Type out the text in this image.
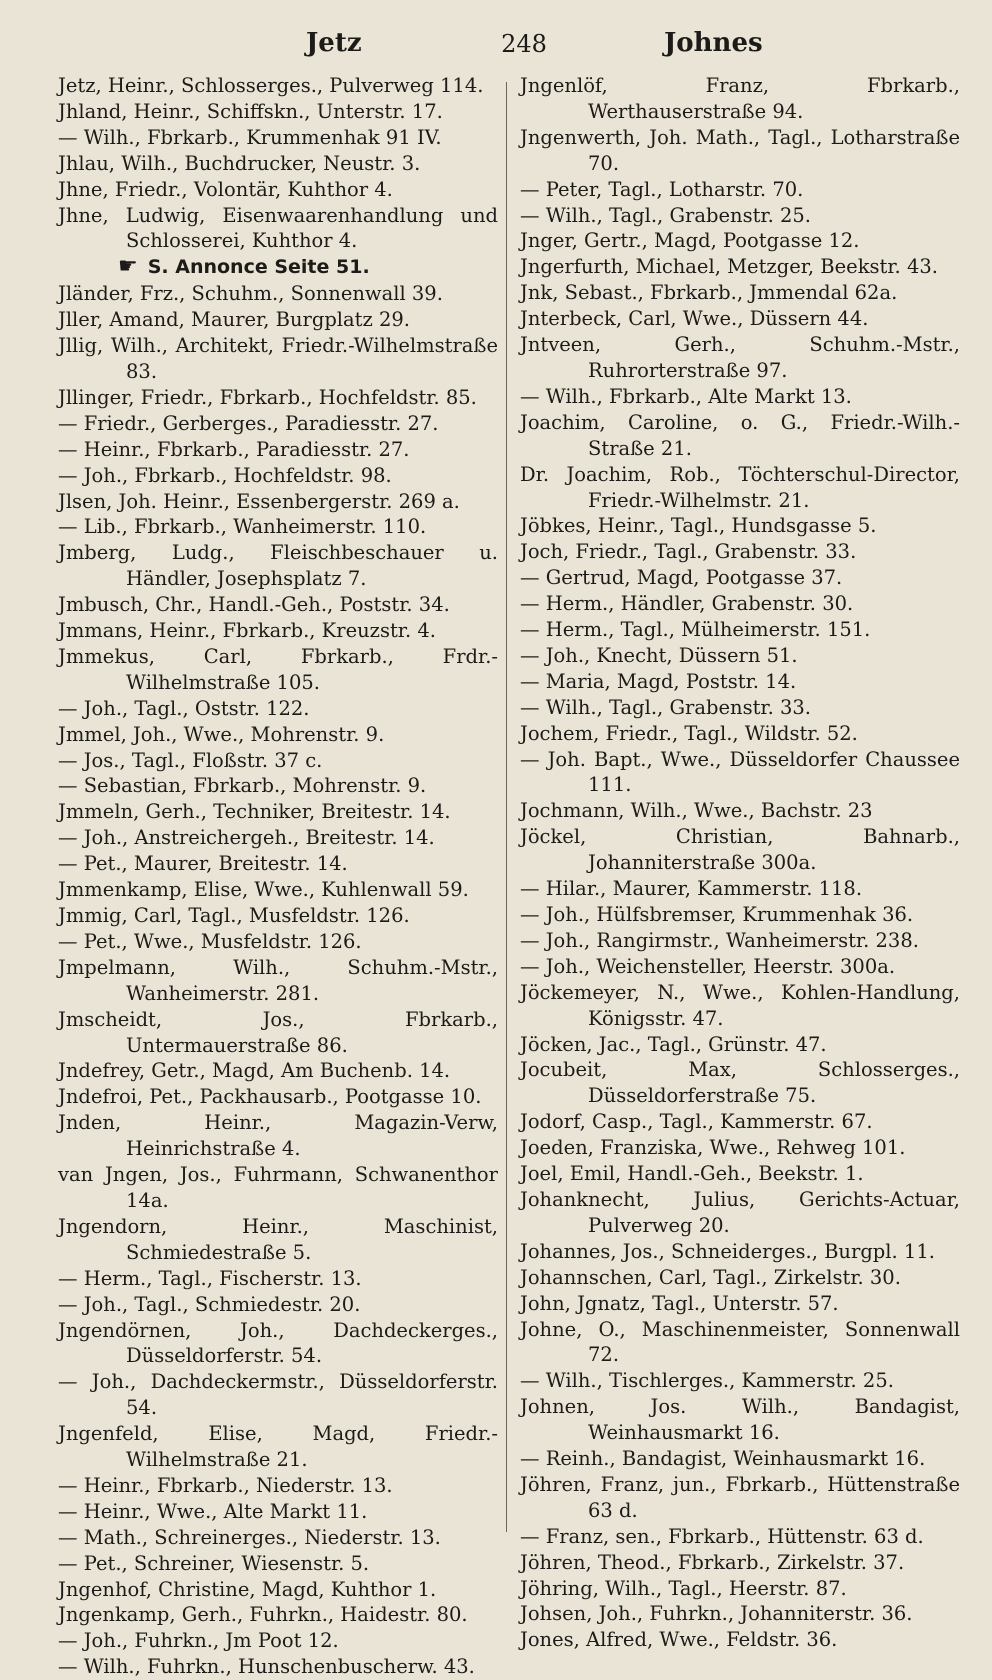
Jetz	248	Johnes
Jetz, Heinr., Schlosserges., Pulverweg 114.
Jhland, Heinr., Schiffskn., Unterstr. 17.
— Wilh., Fbrkarb., Krummenhak 91 IV.
Jhlau, Wilh., Buchdrucker, Neustr. 3.
Jhne, Friedr., Volontär, Kuhthor 4.
Jhne, Ludwig, Eisenwaarenhandlung und Schlosserei, Kuhthor 4.
☛ S. Annonce Seite 51.
Jländer, Frz., Schuhm., Sonnenwall 39.
Jller, Amand, Maurer, Burgplatz 29.
Jllig, Wilh., Architekt, Friedr.-Wilhelmstraße 83.
Jllinger, Friedr., Fbrkarb., Hochfeldstr. 85.
— Friedr., Gerberges., Paradiesstr. 27.
— Heinr., Fbrkarb., Paradiesstr. 27.
— Joh., Fbrkarb., Hochfeldstr. 98.
Jlsen, Joh. Heinr., Essenbergerstr. 269 a.
— Lib., Fbrkarb., Wanheimerstr. 110.
Jmberg, Ludg., Fleischbeschauer u. Händler, Josephsplatz 7.
Jmbusch, Chr., Handl.-Geh., Poststr. 34.
Jmmans, Heinr., Fbrkarb., Kreuzstr. 4.
Jmmekus, Carl, Fbrkarb., Frdr.-Wilhelmstraße 105.
— Joh., Tagl., Oststr. 122.
Jmmel, Joh., Wwe., Mohrenstr. 9.
— Jos., Tagl., Floßstr. 37 c.
— Sebastian, Fbrkarb., Mohrenstr. 9.
Jmmeln, Gerh., Techniker, Breitestr. 14.
— Joh., Anstreichergeh., Breitestr. 14.
— Pet., Maurer, Breitestr. 14.
Jmmenkamp, Elise, Wwe., Kuhlenwall 59.
Jmmig, Carl, Tagl., Musfeldstr. 126.
— Pet., Wwe., Musfeldstr. 126.
Jmpelmann, Wilh., Schuhm.-Mstr., Wanheimerstr. 281.
Jmscheidt, Jos., Fbrkarb., Untermauerstraße 86.
Jndefrey, Getr., Magd, Am Buchenb. 14.
Jndefroi, Pet., Packhausarb., Pootgasse 10.
Jnden, Heinr., Magazin-Verw, Heinrichstraße 4.
van Jngen, Jos., Fuhrmann, Schwanenthor 14a.
Jngendorn, Heinr., Maschinist, Schmiedestraße 5.
— Herm., Tagl., Fischerstr. 13.
— Joh., Tagl., Schmiedestr. 20.
Jngendörnen, Joh., Dachdeckerges., Düsseldorferstr. 54.
— Joh., Dachdeckermstr., Düsseldorferstr. 54.
Jngenfeld, Elise, Magd, Friedr.-Wilhelmstraße 21.
— Heinr., Fbrkarb., Niederstr. 13.
— Heinr., Wwe., Alte Markt 11.
— Math., Schreinerges., Niederstr. 13.
— Pet., Schreiner, Wiesenstr. 5.
Jngenhof, Christine, Magd, Kuhthor 1.
Jngenkamp, Gerh., Fuhrkn., Haidestr. 80.
— Joh., Fuhrkn., Jm Poot 12.
— Wilh., Fuhrkn., Hunschenbuscherw. 43.
Jngenlöf, Franz, Fbrkarb., Werthauserstraße 94.
Jngenwerth, Joh. Math., Tagl., Lotharstraße 70.
— Peter, Tagl., Lotharstr. 70.
— Wilh., Tagl., Grabenstr. 25.
Jnger, Gertr., Magd, Pootgasse 12.
Jngerfurth, Michael, Metzger, Beekstr. 43.
Jnk, Sebast., Fbrkarb., Jmmendal 62a.
Jnterbeck, Carl, Wwe., Düssern 44.
Jntveen, Gerh., Schuhm.-Mstr., Ruhrorterstraße 97.
— Wilh., Fbrkarb., Alte Markt 13.
Joachim, Caroline, o. G., Friedr.-Wilh.-Straße 21.
Dr. Joachim, Rob., Töchterschul-Director, Friedr.-Wilhelmstr. 21.
Jöbkes, Heinr., Tagl., Hundsgasse 5.
Joch, Friedr., Tagl., Grabenstr. 33.
— Gertrud, Magd, Pootgasse 37.
— Herm., Händler, Grabenstr. 30.
— Herm., Tagl., Mülheimerstr. 151.
— Joh., Knecht, Düssern 51.
— Maria, Magd, Poststr. 14.
— Wilh., Tagl., Grabenstr. 33.
Jochem, Friedr., Tagl., Wildstr. 52.
— Joh. Bapt., Wwe., Düsseldorfer Chaussee 111.
Jochmann, Wilh., Wwe., Bachstr. 23
Jöckel, Christian, Bahnarb., Johanniterstraße 300a.
— Hilar., Maurer, Kammerstr. 118.
— Joh., Hülfsbremser, Krummenhak 36.
— Joh., Rangirmstr., Wanheimerstr. 238.
— Joh., Weichensteller, Heerstr. 300a.
Jöckemeyer, N., Wwe., Kohlen-Handlung, Königsstr. 47.
Jöcken, Jac., Tagl., Grünstr. 47.
Jocubeit, Max, Schlosserges., Düsseldorferstraße 75.
Jodorf, Casp., Tagl., Kammerstr. 67.
Joeden, Franziska, Wwe., Rehweg 101.
Joel, Emil, Handl.-Geh., Beekstr. 1.
Johanknecht, Julius, Gerichts-Actuar, Pulverweg 20.
Johannes, Jos., Schneiderges., Burgpl. 11.
Johannschen, Carl, Tagl., Zirkelstr. 30.
John, Jgnatz, Tagl., Unterstr. 57.
Johne, O., Maschinenmeister, Sonnenwall 72.
— Wilh., Tischlerges., Kammerstr. 25.
Johnen, Jos. Wilh., Bandagist, Weinhausmarkt 16.
— Reinh., Bandagist, Weinhausmarkt 16.
Jöhren, Franz, jun., Fbrkarb., Hüttenstraße 63 d.
— Franz, sen., Fbrkarb., Hüttenstr. 63 d.
Jöhren, Theod., Fbrkarb., Zirkelstr. 37.
Jöhring, Wilh., Tagl., Heerstr. 87.
Johsen, Joh., Fuhrkn., Johanniterstr. 36.
Jones, Alfred, Wwe., Feldstr. 36.
